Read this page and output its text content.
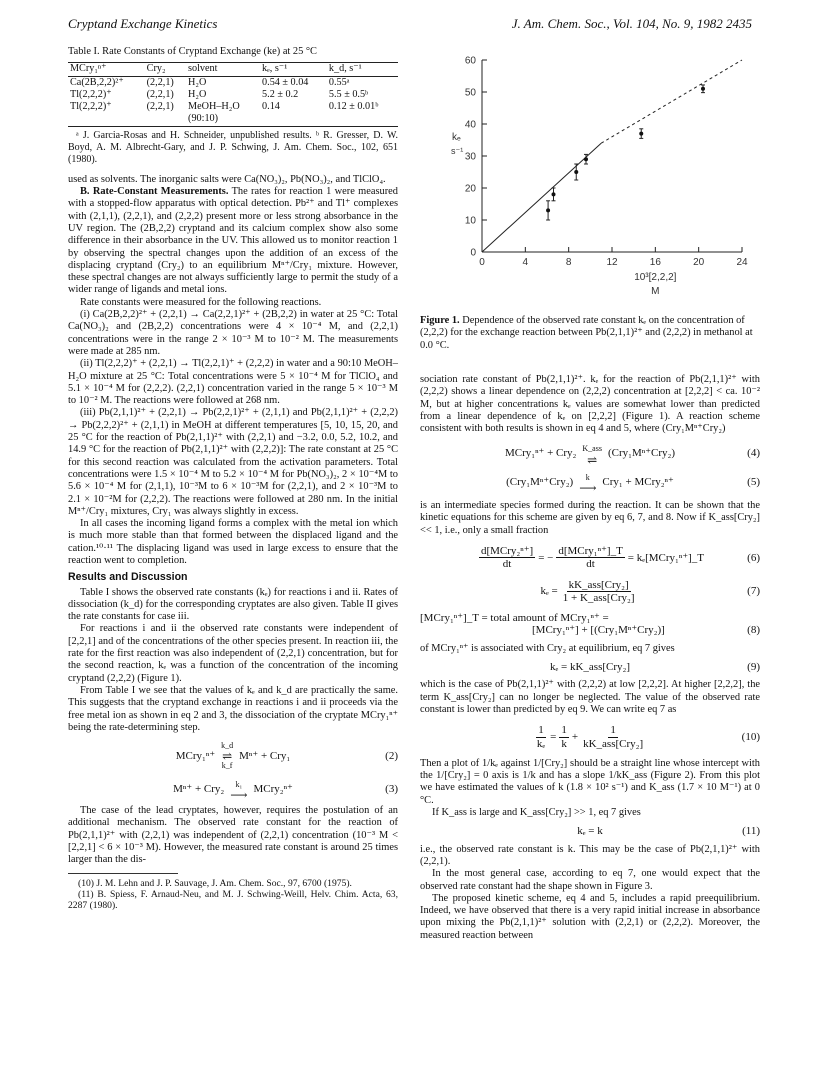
Cryptand Exchange Kinetics	J. Am. Chem. Soc., Vol. 104, No. 9, 1982 2435
Table I. Rate Constants of Cryptand Exchange (ke) at 25 °C
MCry₁ⁿ⁺	Cry₂	solvent	kₑ, s⁻¹	k_d, s⁻¹
Ca(2B,2,2)²⁺	(2,2,1)	H₂O	0.54 ± 0.04	0.55ᵃ
Tl(2,2,2)⁺	(2,2,1)	H₂O	5.2 ± 0.2	5.5 ± 0.5ᵇ
Tl(2,2,2)⁺	(2,2,1)	MeOH–H₂O (90:10)	0.14	0.12 ± 0.01ᵇ
ᵃ J. Garcia-Rosas and H. Schneider, unpublished results. ᵇ R. Gresser, D. W. Boyd, A. M. Albrecht-Gary, and J. P. Schwing, J. Am. Chem. Soc., 102, 651 (1980).

used as solvents. The inorganic salts were Ca(NO₃)₂, Pb(NO₃)₂, and TlClO₄.

B. Rate-Constant Measurements. The rates for reaction 1 were measured with a stopped-flow apparatus with optical detection. Pb²⁺ and Tl⁺ complexes with (2,1,1), (2,2,1), and (2,2,2) present more or less strong absorbance in the UV region. The (2B,2,2) cryptand and its calcium complex show also some difference in their absorbance in the UV. This allowed us to monitor reaction 1 by observing the spectral changes upon the addition of an excess of the displacing cryptand (Cry₂) to an equilibrium Mⁿ⁺/Cry₁ mixture. However, these spectral changes are not always sufficiently large to permit the study of a wider range of ligands and metal ions.

Rate constants were measured for the following reactions.

(i) Ca(2B,2,2)²⁺ + (2,2,1) → Ca(2,2,1)²⁺ + (2B,2,2) in water at 25 °C: Total Ca(NO₃)₂ and (2B,2,2) concentrations were 4 × 10⁻⁴ M, and (2,2,1) concentrations were in the range 2 × 10⁻³ M to 10⁻² M. The measurements were made at 285 nm.

(ii) Tl(2,2,2)⁺ + (2,2,1) → Tl(2,2,1)⁺ + (2,2,2) in water and a 90:10 MeOH–H₂O mixture at 25 °C: Total concentrations were 5 × 10⁻⁴ M for TlClO₄ and 5.1 × 10⁻⁴ M for (2,2,2). (2,2,1) concentration varied in the range 5 × 10⁻³ M to 10⁻² M. The reactions were followed at 268 nm.

(iii) Pb(2,1,1)²⁺ + (2,2,1) → Pb(2,2,1)²⁺ + (2,1,1) and Pb(2,1,1)²⁺ + (2,2,2) → Pb(2,2,2)²⁺ + (2,1,1) in MeOH at different temperatures [5, 10, 15, 20, and 25 °C for the reaction of Pb(2,1,1)²⁺ with (2,2,1) and −3.2, 0.0, 5.2, 10.2, and 14.9 °C for the reaction of Pb(2,1,1)²⁺ with (2,2,2)]: The rate constant at 25 °C for this second reaction was calculated from the activation parameters. Total concentrations were 1.5 × 10⁻⁴ M to 5.2 × 10⁻⁴ M for Pb(NO₃)₂, 2 × 10⁻⁴M to 5.6 × 10⁻⁴ M for (2,1,1), 10⁻³M to 6 × 10⁻³M for (2,2,1), and 2 × 10⁻³M to 2.1 × 10⁻²M for (2,2,2). The reactions were followed at 280 nm. In the initial Mⁿ⁺/Cry₁ mixtures, Cry₁ was always slightly in excess.

In all cases the incoming ligand forms a complex with the metal ion which is much more stable than that formed between the displaced ligand and the cation.¹⁰·¹¹ The displacing ligand was used in large excess to ensure that the reaction went to completion.

Results and Discussion

Table I shows the observed rate constants (kₑ) for reactions i and ii. Rates of dissociation (k_d) for the corresponding cryptates are also given. Table II gives the rate constants for case iii.

For reactions i and ii the observed rate constants were independent of [2,2,1] and of the concentrations of the other species present. In reaction iii, the rate for the first reaction was also independent of (2,2,1) concentration, but for the second reaction, kₑ was a function of the concentration of the incoming cryptand (2,2,2) (Figure 1).

From Table I we see that the values of kₑ and k_d are practically the same. This suggests that the cryptand exchange in reactions i and ii proceeds via the free metal ion as shown in eq 2 and 3, the dissociation of the cryptate MCry₁ⁿ⁺ being the rate-determining step.

MCry₁ⁿ⁺
k_d
⇌
k_f
Mⁿ⁺ + Cry₁	(2)
Mⁿ⁺ + Cry₂ k₁
⟶ MCry₂ⁿ⁺	(3)

The case of the lead cryptates, however, requires the postulation of an additional mechanism. The observed rate constant for the reaction of Pb(2,1,1)²⁺ with (2,2,1) was independent of (2,2,1) concentration (10⁻³ M < [2,2,1] < 6 × 10⁻³ M). However, the measured rate constant is around 25 times larger than the dis-

(10) J. M. Lehn and J. P. Sauvage, J. Am. Chem. Soc., 97, 6700 (1975).

(11) B. Spiess, F. Arnaud-Neu, and M. J. Schwing-Weill, Helv. Chim. Acta, 63, 2287 (1980).

0
10
20
30
40
50
60
0	4	8	12	16	20	24
kₑ
s⁻¹
10³[2,2,2]
M
Figure 1. Dependence of the observed rate constant kₑ on the concentration of (2,2,2) for the exchange reaction between Pb(2,1,1)²⁺ and (2,2,2) in methanol at 0.0 °C.

sociation rate constant of Pb(2,1,1)²⁺. kₑ for the reaction of Pb(2,1,1)²⁺ with (2,2,2) shows a linear dependence on (2,2,2) concentration at [2,2,2] < ca. 10⁻² M, but at higher concentrations kₑ values are somewhat lower than predicted from a linear dependence of kₑ on [2,2,2] (Figure 1). A reaction scheme consistent with both results is shown in eq 4 and 5, where (Cry₁Mⁿ⁺Cry₂)

MCry₁ⁿ⁺ + Cry₂ K_ass
⇌ (Cry₁Mⁿ⁺Cry₂)	(4)
(Cry₁Mⁿ⁺Cry₂) k
⟶ Cry₁ + MCry₂ⁿ⁺	(5)

is an intermediate species formed during the reaction. It can be shown that the kinetic equations for this scheme are given by eq 6, 7, and 8. Now if K_ass[Cry₂] << 1, i.e., only a small fraction

$\frac{\text{d[MCry₂ⁿ⁺]}}{dt}$ = − $\frac{\text{d[MCry₁ⁿ⁺]\_T}}{dt}$ = kₑ[MCry₁ⁿ⁺]_T	(6)
$k_e = \frac{\text{kK\_ass[Cry₂]}}{\text{1 + K\_ass[Cry₂]}}$	(7)
[MCry₁ⁿ⁺]_T = total amount of MCry₁ⁿ⁺ =
[MCry₁ⁿ⁺] + [(Cry₁Mⁿ⁺Cry₂)]	(8)

of MCry₁ⁿ⁺ is associated with Cry₂ at equilibrium, eq 7 gives

kₑ = kK_ass[Cry₂]	(9)

which is the case of Pb(2,1,1)²⁺ with (2,2,2) at low [2,2,2]. At higher [2,2,2], the term K_ass[Cry₂] can no longer be neglected. The value of the observed rate constant is lower than predicted by eq 9. We can write eq 7 as

$\frac{1}{\text{kₑ}} = \frac{1}{k} + \frac{1}{\text{kK\_ass[Cry₂]}}$	(10)

Then a plot of 1/kₑ against 1/[Cry₂] should be a straight line whose intercept with the 1/[Cry₂] = 0 axis is 1/k and has a slope 1/kK_ass (Figure 2). From this plot we have estimated the values of k (1.8 × 10² s⁻¹) and K_ass (1.7 × 10 M⁻¹) at 0 °C.

If K_ass is large and K_ass[Cry₂] >> 1, eq 7 gives

kₑ = k	(11)

i.e., the observed rate constant is k. This may be the case of Pb(2,1,1)²⁺ with (2,2,1).

In the most general case, according to eq 7, one would expect that the observed rate constant had the shape shown in Figure 3.

The proposed kinetic scheme, eq 4 and 5, includes a rapid preequilibrium. Indeed, we have observed that there is a very rapid initial increase in absorbance upon mixing the Pb(2,1,1)²⁺ solution with (2,2,1) or (2,2,2). Moreover, the measured reaction between
